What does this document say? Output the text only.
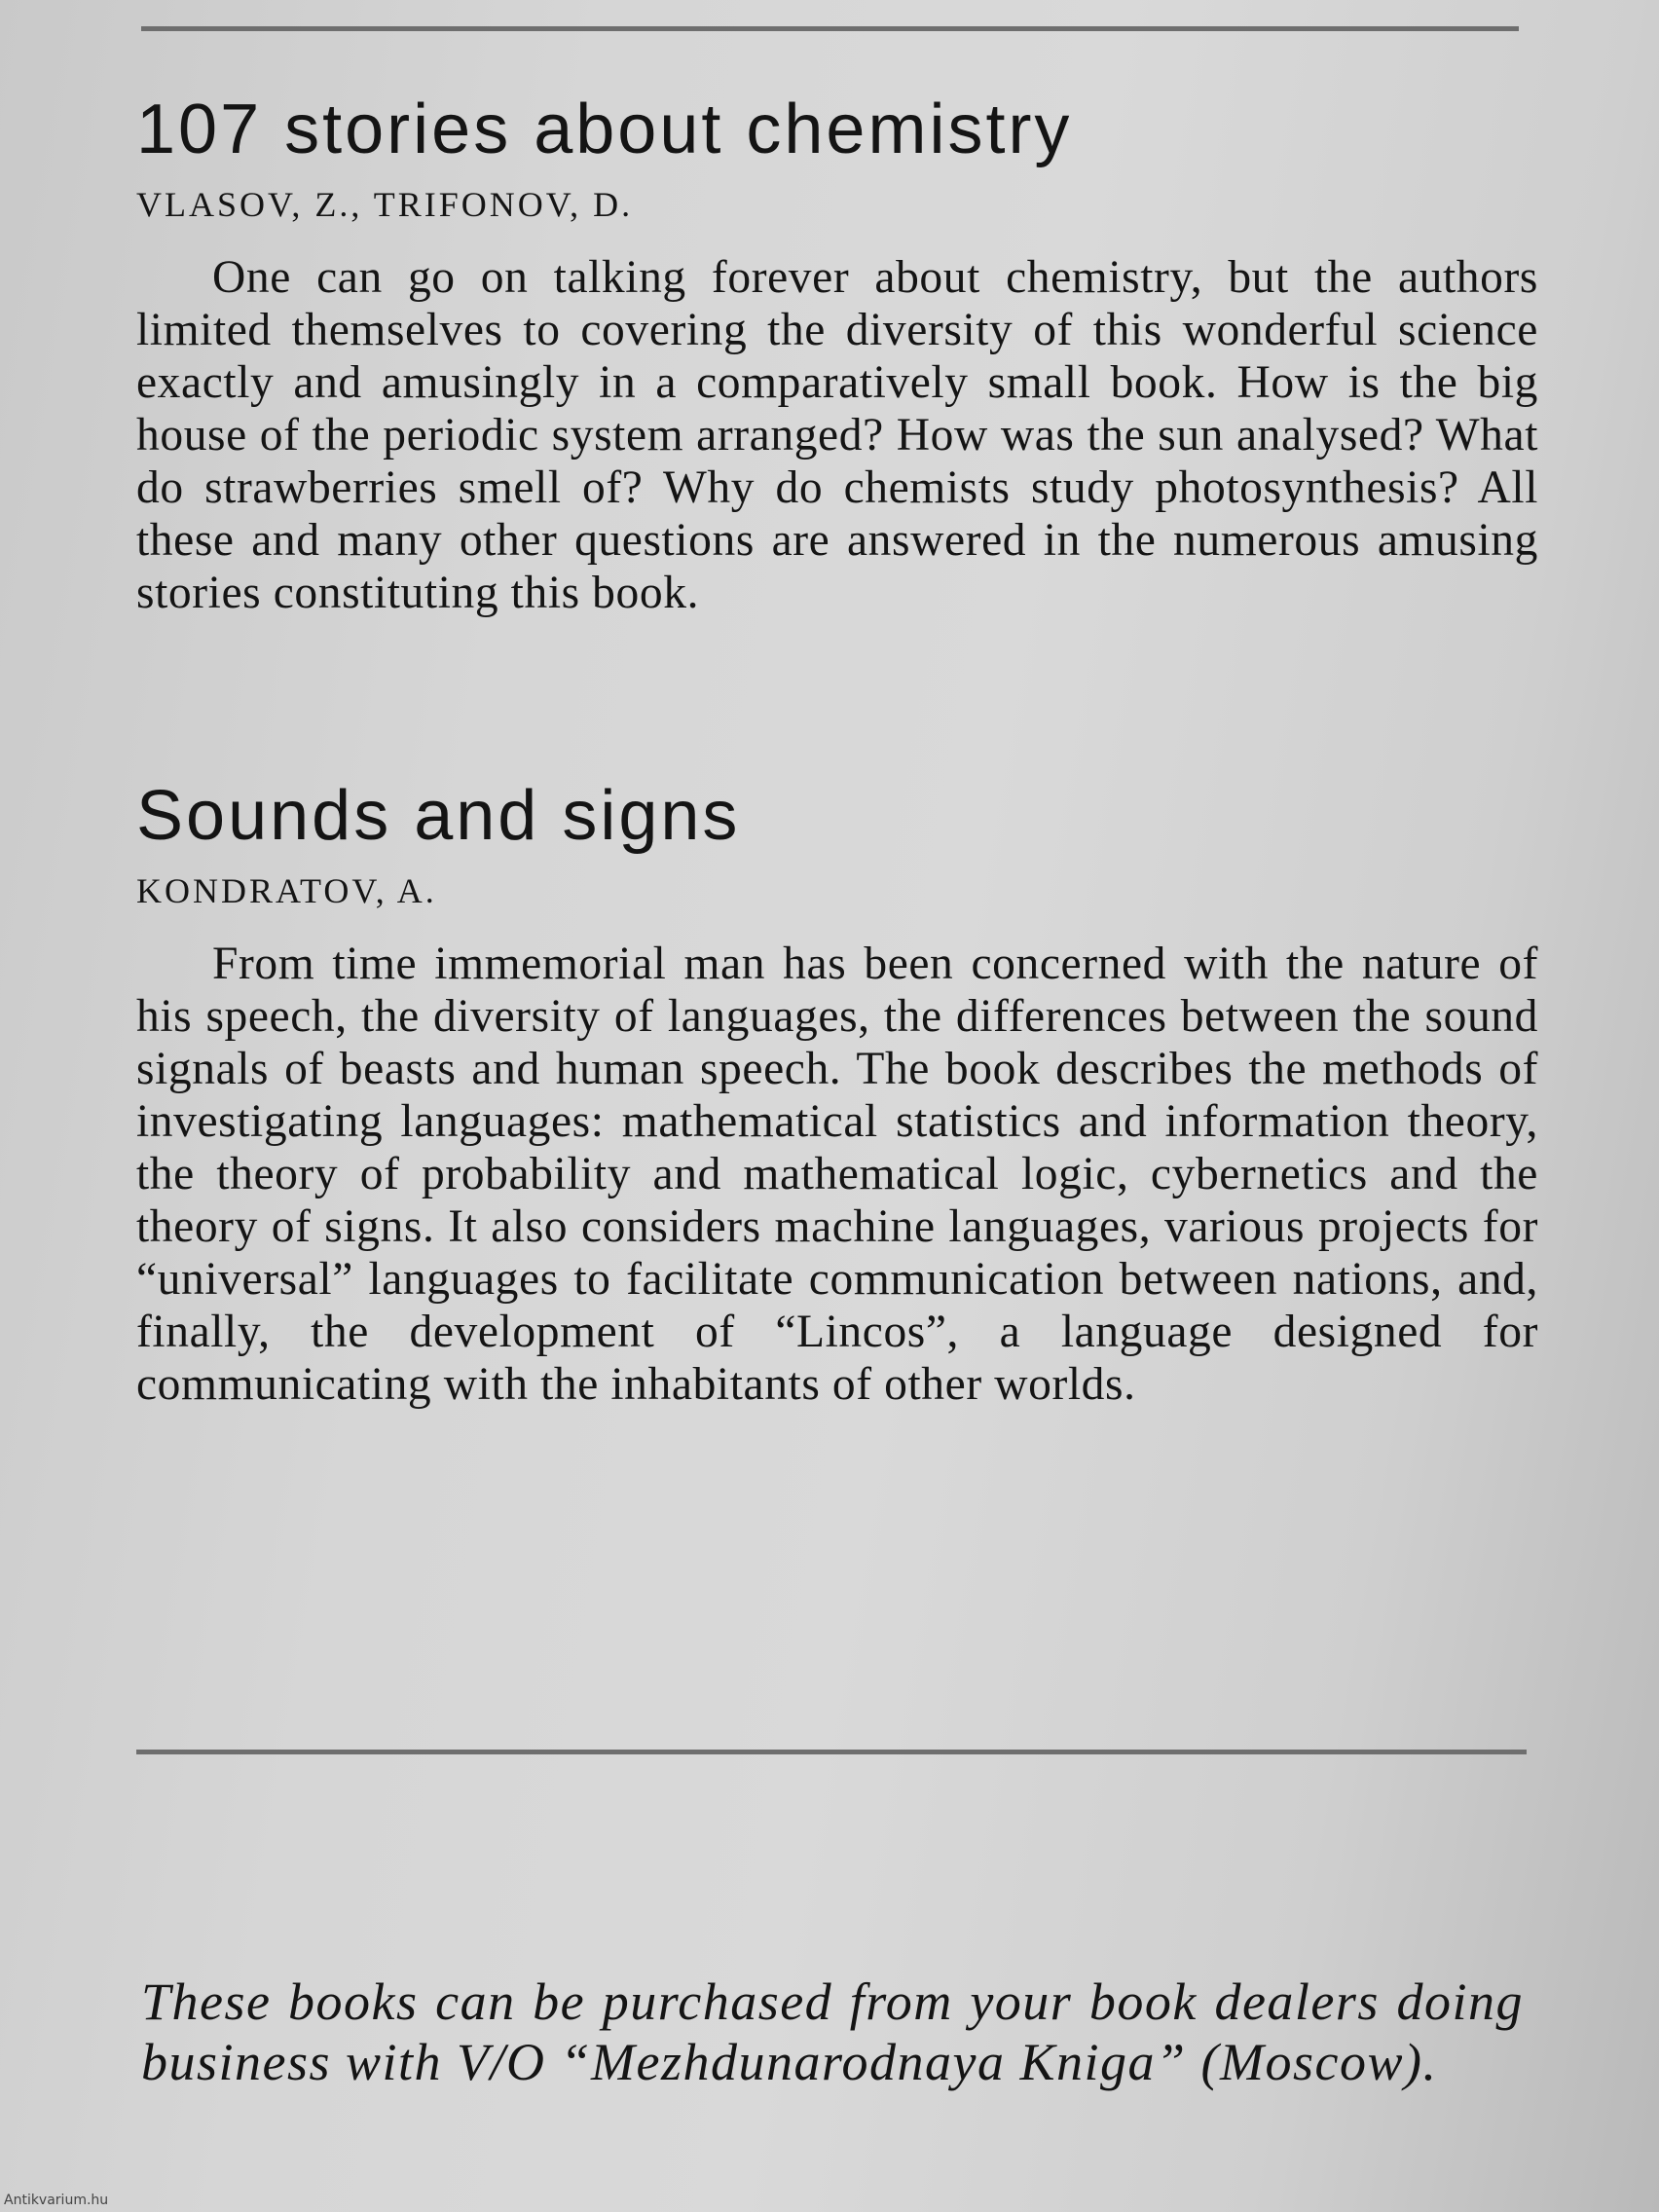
107 stories about chemistry
VLASOV, Z., TRIFONOV, D.

One can go on talking forever about chemistry, but the authors limited themselves to covering the diversity of this wonderful science exactly and amusingly in a comparatively small book. How is the big house of the periodic system arranged? How was the sun analysed? What do strawberries smell of? Why do chemists study photosynthesis? All these and many other questions are answered in the numerous amusing stories constituting this book.

Sounds and signs
KONDRATOV, A.

From time immemorial man has been concerned with the nature of his speech, the diversity of languages, the differences between the sound signals of beasts and human speech. The book describes the methods of investigating languages: mathematical statistics and information theory, the theory of probability and mathematical logic, cybernetics and the theory of signs. It also considers machine languages, various projects for “universal” languages to facilitate communication between nations, and, finally, the development of “Lincos”, a language designed for communicating with the inhabitants of other worlds.

These books can be purchased from your book dealers doing business with V/O “Mezhdunarodnaya Kniga” (Moscow).

Antikvarium.hu
